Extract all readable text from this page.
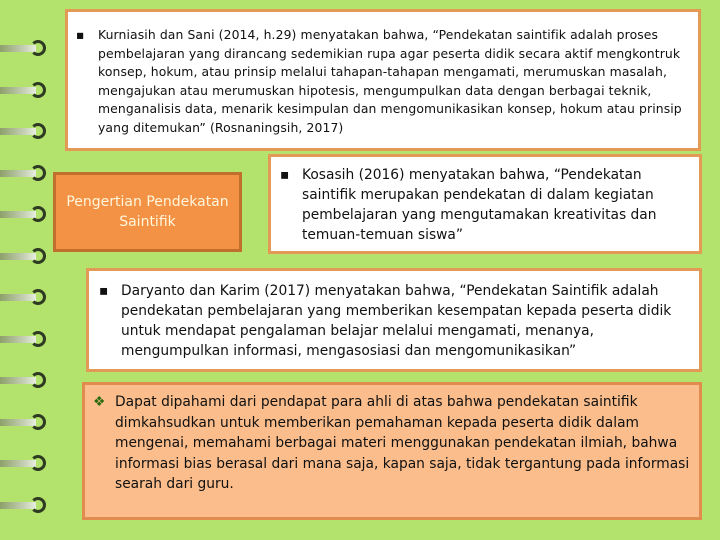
▪ Kurniasih dan Sani (2014, h.29) menyatakan bahwa, “Pendekatan saintifik adalah proses pembelajaran yang dirancang sedemikian rupa agar peserta didik secara aktif mengkontruk konsep, hokum, atau prinsip melalui tahapan-tahapan mengamati, merumuskan masalah, mengajukan atau merumuskan hipotesis, mengumpulkan data dengan berbagai teknik, menganalisis data, menarik kesimpulan dan mengomunikasikan konsep, hokum atau prinsip yang ditemukan” (Rosnaningsih, 2017)

Pengertian Pendekatan Saintifik

▪ Kosasih (2016) menyatakan bahwa, “Pendekatan saintifik merupakan pendekatan di dalam kegiatan pembelajaran yang mengutamakan kreativitas dan temuan-temuan siswa”

▪ Daryanto dan Karim (2017) menyatakan bahwa, “Pendekatan Saintifik adalah pendekatan pembelajaran yang memberikan kesempatan kepada peserta didik untuk mendapat pengalaman belajar melalui mengamati, menanya, mengumpulkan informasi, mengasosiasi dan mengomunikasikan”

❖ Dapat dipahami dari pendapat para ahli di atas bahwa pendekatan saintifik dimkahsudkan untuk memberikan pemahaman kepada peserta didik dalam mengenai, memahami berbagai materi menggunakan pendekatan ilmiah, bahwa informasi bias berasal dari mana saja, kapan saja, tidak tergantung pada informasi searah dari guru.
